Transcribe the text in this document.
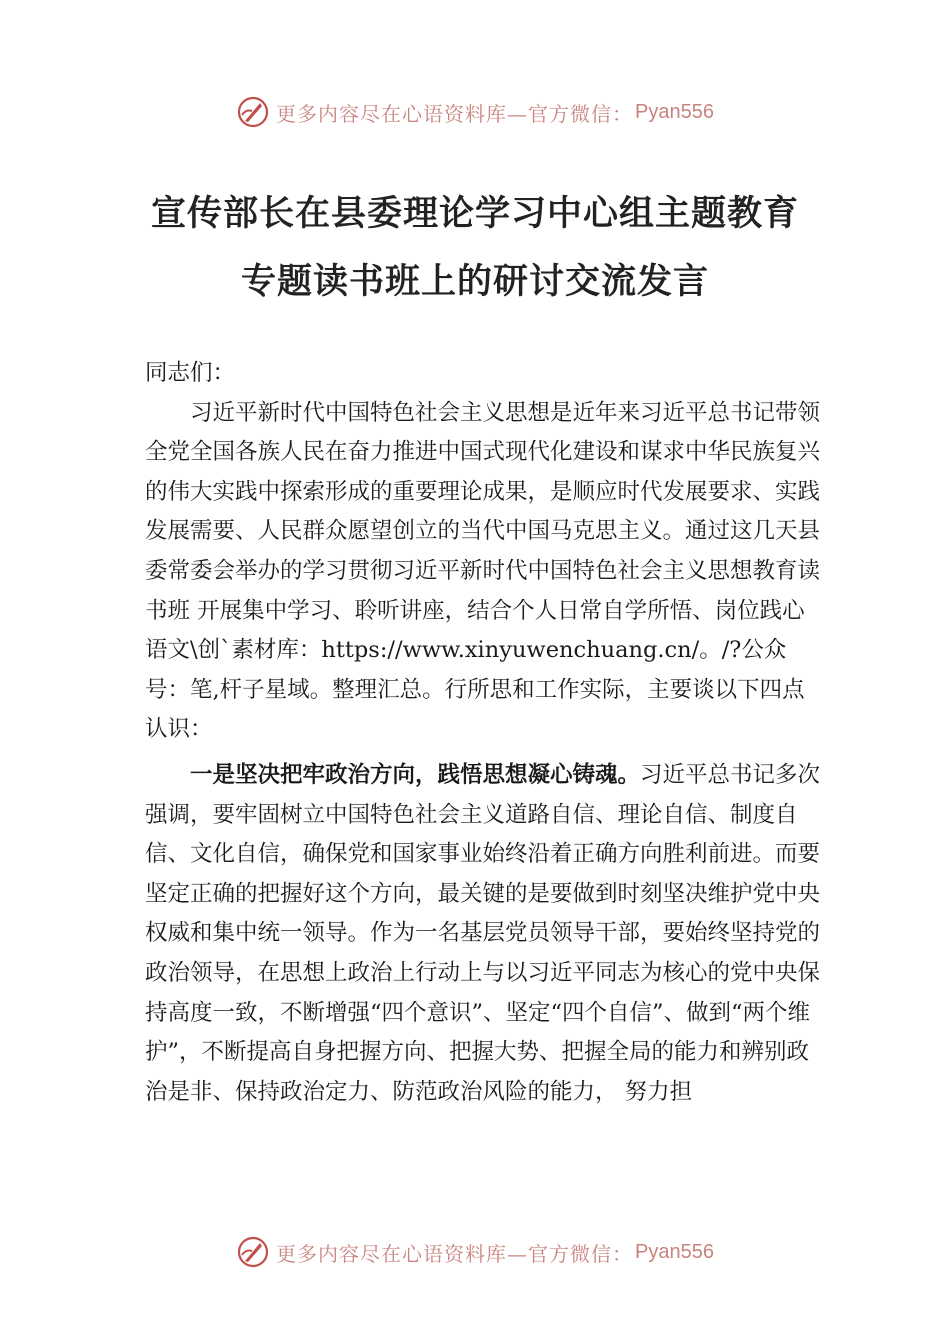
更多内容尽在心语资料库—官方微信： Pyan556
宣传部长在县委理论学习中心组主题教育
专题读书班上的研讨交流发言

同志们：

习近平新时代中国特色社会主义思想是近年来习近平总书记带领全党全国各族人民在奋力推进中国式现代化建设和谋求中华民族复兴的伟大实践中探索形成的重要理论成果，是顺应时代发展要求、实践发展需要、人民群众愿望创立的当代中国马克思主义。通过这几天县委常委会举办的学习贯彻习近平新时代中国特色社会主义思想教育读书班 开展集中学习、聆听讲座，结合个人日常自学所悟、岗位践心语文\创`素材库：https://www.xinyuwenchuang.cn/。/?公众号：笔,杆子星域。整理汇总。行所思和工作实际，主要谈以下四点认识：

一是坚决把牢政治方向，践悟思想凝心铸魂。习近平总书记多次强调，要牢固树立中国特色社会主义道路自信、理论自信、制度自信、文化自信，确保党和国家事业始终沿着正确方向胜利前进。而要坚定正确的把握好这个方向，最关键的是要做到时刻坚决维护党中央权威和集中统一领导。作为一名基层党员领导干部，要始终坚持党的政治领导，在思想上政治上行动上与以习近平同志为核心的党中央保持高度一致，不断增强“四个意识”、坚定“四个自信”、做到“两个维护”，不断提高自身把握方向、把握大势、把握全局的能力和辨别政治是非、保持政治定力、防范政治风险的能力， 努力担

更多内容尽在心语资料库—官方微信： Pyan556
